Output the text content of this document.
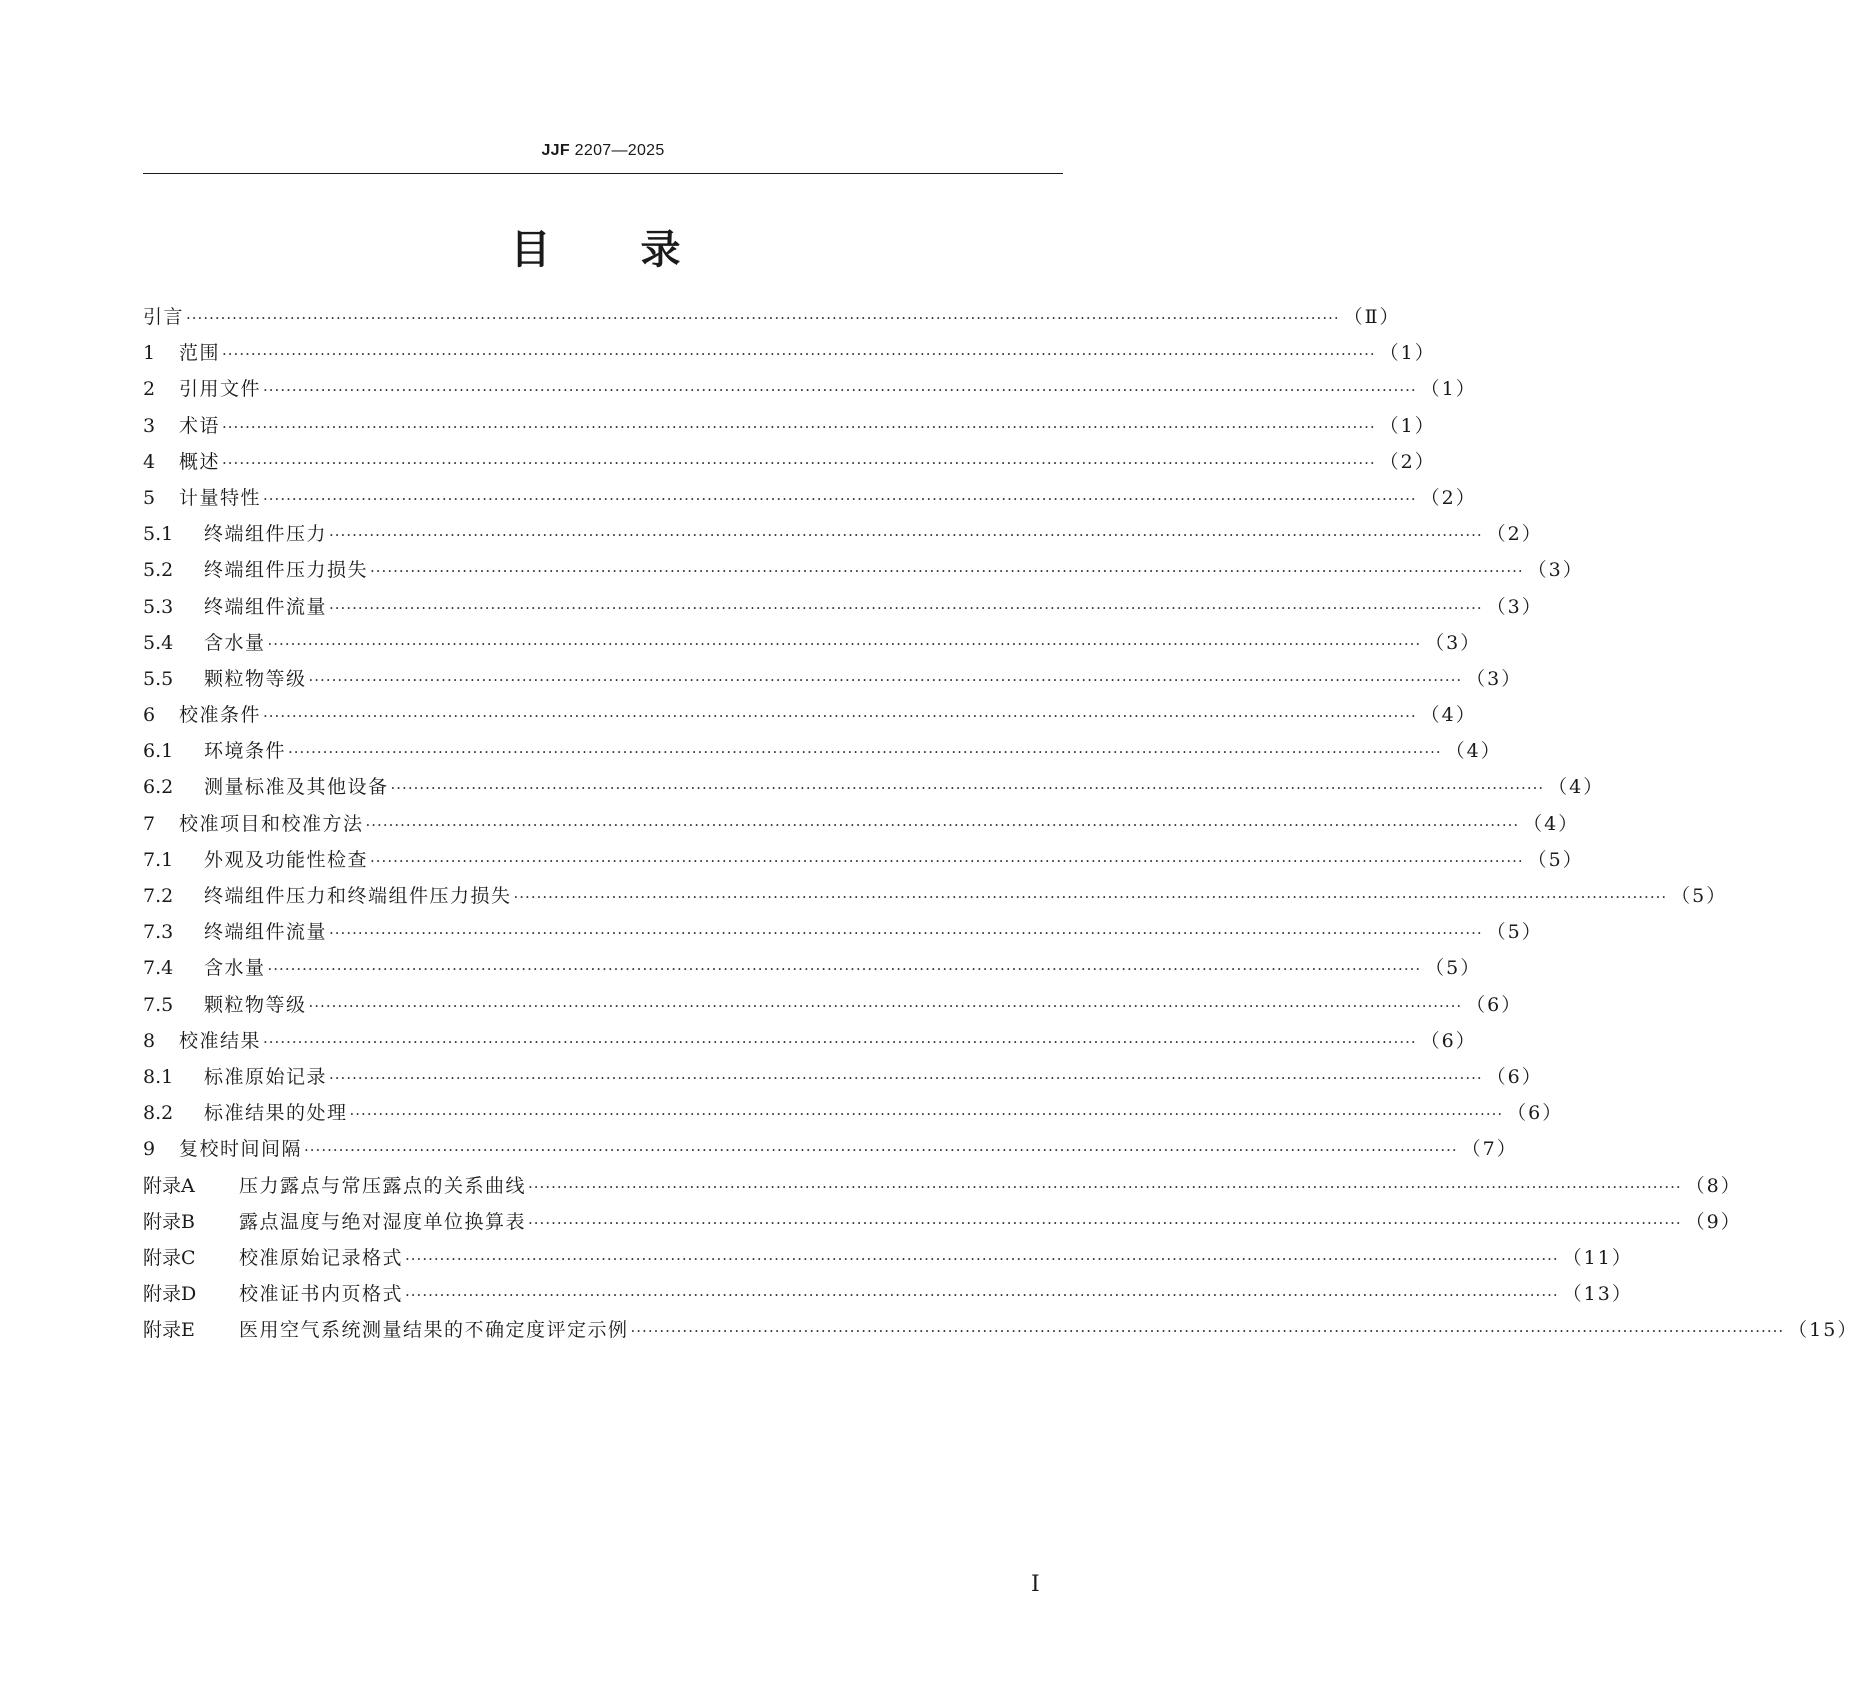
JJF 2207—2025
目 录
引言 ········································································································································································································ （Ⅱ）
1	范围 ········································································································································································································ （1）
2	引用文件 ········································································································································································································ （1）
3	术语 ········································································································································································································ （1）
4	概述 ········································································································································································································ （2）
5	计量特性 ········································································································································································································ （2）
5.1	终端组件压力 ········································································································································································································ （2）
5.2	终端组件压力损失 ········································································································································································································ （3）
5.3	终端组件流量 ········································································································································································································ （3）
5.4	含水量 ········································································································································································································ （3）
5.5	颗粒物等级 ········································································································································································································ （3）
6	校准条件 ········································································································································································································ （4）
6.1	环境条件 ········································································································································································································ （4）
6.2	测量标准及其他设备 ········································································································································································································ （4）
7	校准项目和校准方法 ········································································································································································································ （4）
7.1	外观及功能性检查 ········································································································································································································ （5）
7.2	终端组件压力和终端组件压力损失 ········································································································································································································ （5）
7.3	终端组件流量 ········································································································································································································ （5）
7.4	含水量 ········································································································································································································ （5）
7.5	颗粒物等级 ········································································································································································································ （6）
8	校准结果 ········································································································································································································ （6）
8.1	标准原始记录 ········································································································································································································ （6）
8.2	标准结果的处理 ········································································································································································································ （6）
9	复校时间间隔 ········································································································································································································ （7）
附录A	压力露点与常压露点的关系曲线 ········································································································································································································ （8）
附录B	露点温度与绝对湿度单位换算表 ········································································································································································································ （9）
附录C	校准原始记录格式 ········································································································································································································ （11）
附录D	校准证书内页格式 ········································································································································································································ （13）
附录E	医用空气系统测量结果的不确定度评定示例 ········································································································································································································ （15）
Ⅰ
